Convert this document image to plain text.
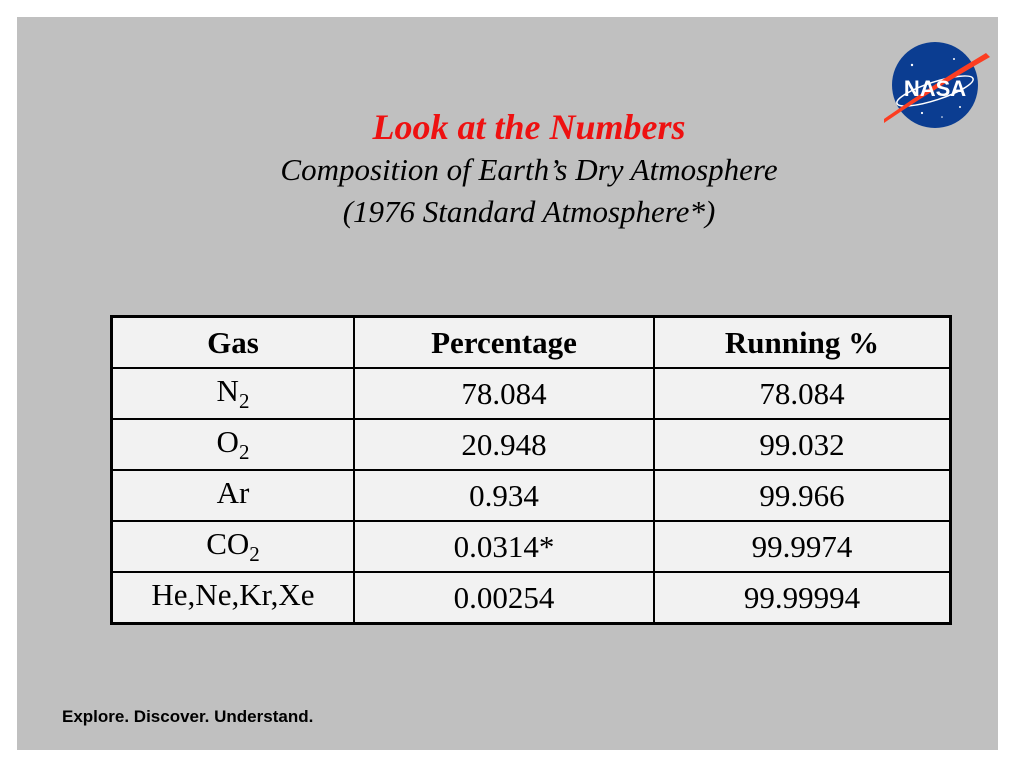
NASA
Look at the Numbers
Composition of Earth’s Dry Atmosphere
(1976 Standard Atmosphere*)
Gas	Percentage	Running %
$N_2$	78.084	78.084
$O_2$	20.948	99.032
Ar	0.934	99.966
$CO_2$	0.0314*	99.9974
He,Ne,Kr,Xe	0.00254	99.99994
Explore. Discover. Understand.
